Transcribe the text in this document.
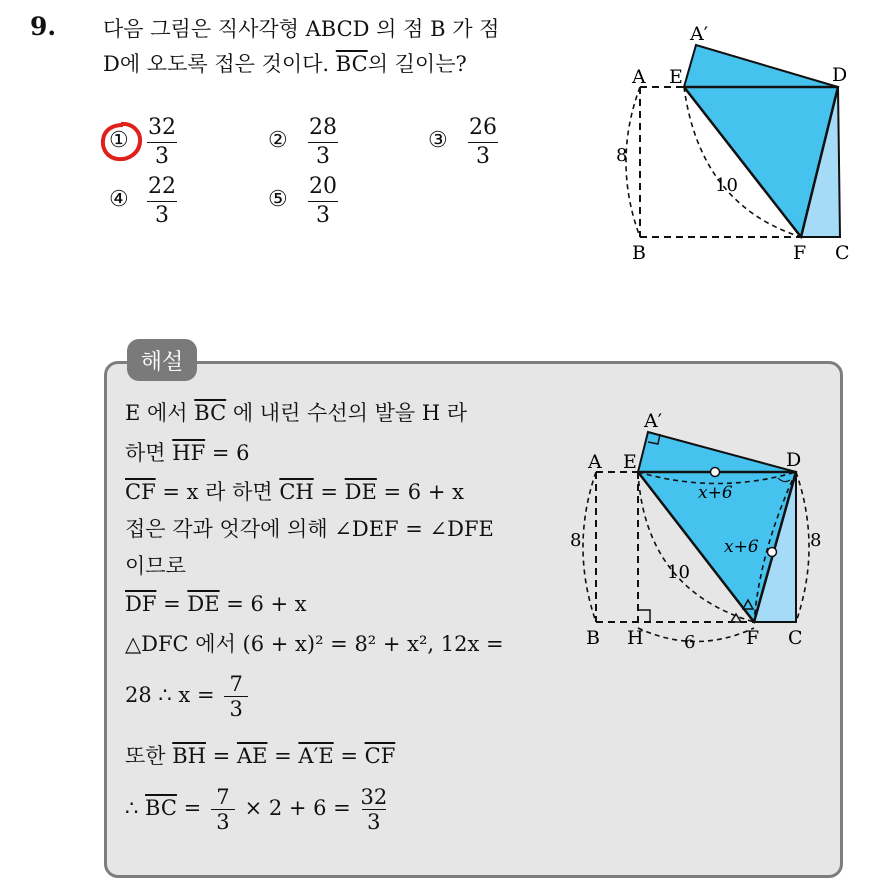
9. 다음 그림은 직사각형 ABCD 의 점 B 가 점
D에 오도록 접은 것이다. $\overline{BC}$의 길이는?
①
32
3
②
28
3
③
26
3
④
22
3
⑤
20
3
A E
A′
D
B	F C
8
10
해설
E 에서 $\overline{BC}$ 에 내린 수선의 발을 H 라
하면 $\overline{HF} = 6$
$\overline{CF} = x$ 라 하면 $\overline{CH} = \overline{DE} = 6 + x$
접은 각과 엇각에 의해 ∠DEF = ∠DFE
이므로
$\overline{DF} = \overline{DE} = 6 + x$
△DFC 에서 (6 + x)² = 8² + x², 12x =
28 ∴ $x = \frac{7}{3}$
또한 $\overline{BH} = \overline{AE} = A'E = \overline{CF}$
∴ $\overline{BC} = \frac{7}{3} \times 2 + 6 = \frac{32}{3}$
A E
A′
D
B H	F C
8	8
x+6
x+6
10
6
